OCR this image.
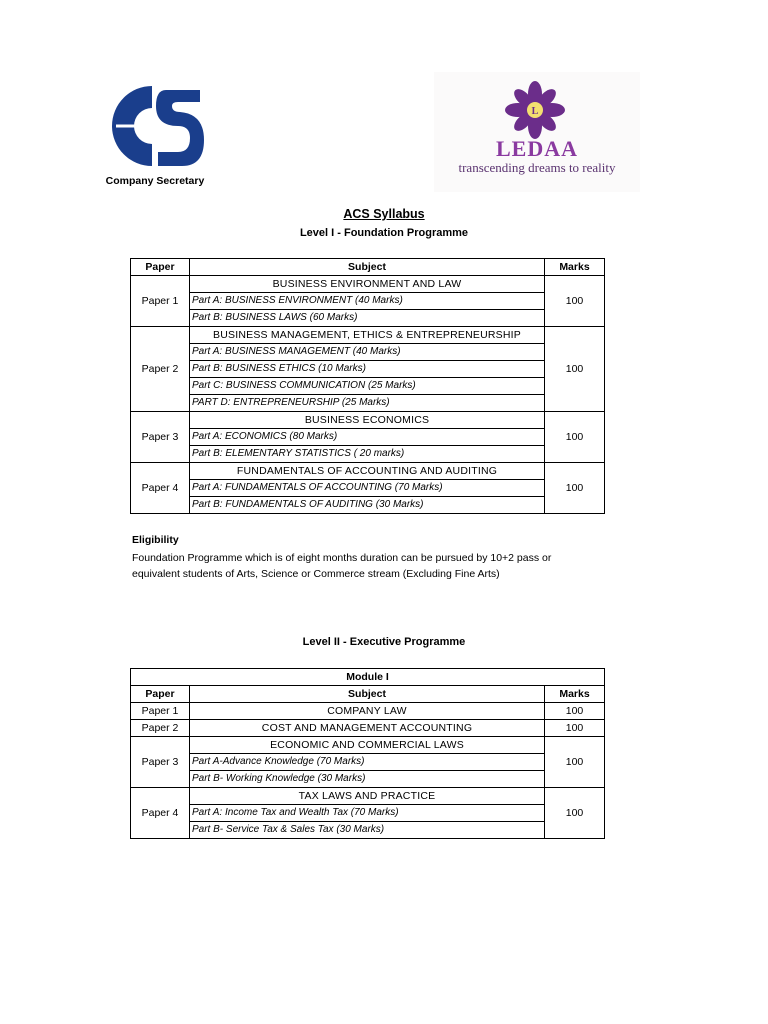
Company Secretary
L
LEDAA
transcending dreams to reality
ACS Syllabus
Level I - Foundation Programme
Paper	Subject	Marks
Paper 1	BUSINESS ENVIRONMENT AND LAW	100
	Part A: BUSINESS ENVIRONMENT (40 Marks)	
	Part B: BUSINESS LAWS (60 Marks)	
Paper 2	BUSINESS MANAGEMENT, ETHICS & ENTREPRENEURSHIP	100
	Part A: BUSINESS MANAGEMENT (40 Marks)	
	Part B: BUSINESS ETHICS (10 Marks)	
	Part C: BUSINESS COMMUNICATION (25 Marks)	
	PART D: ENTREPRENEURSHIP (25 Marks)	
Paper 3	BUSINESS ECONOMICS	100
	Part A: ECONOMICS (80 Marks)	
	Part B: ELEMENTARY STATISTICS ( 20 marks)	
Paper 4	FUNDAMENTALS OF ACCOUNTING AND AUDITING	100
	Part A: FUNDAMENTALS OF ACCOUNTING (70 Marks)	
	Part B: FUNDAMENTALS OF AUDITING (30 Marks)	
Eligibility
Foundation Programme which is of eight months duration can be pursued by 10+2 pass or
equivalent students of Arts, Science or Commerce stream (Excluding Fine Arts)
Level II - Executive Programme
Module I		
Paper	Subject	Marks
Paper 1	COMPANY LAW	100
Paper 2	COST AND MANAGEMENT ACCOUNTING	100
Paper 3	ECONOMIC AND COMMERCIAL LAWS	100
	Part A-Advance Knowledge (70 Marks)	
	Part B- Working Knowledge (30 Marks)	
Paper 4	TAX LAWS AND PRACTICE	100
	Part A: Income Tax and Wealth Tax (70 Marks)	
	Part B- Service Tax & Sales Tax (30 Marks)	
